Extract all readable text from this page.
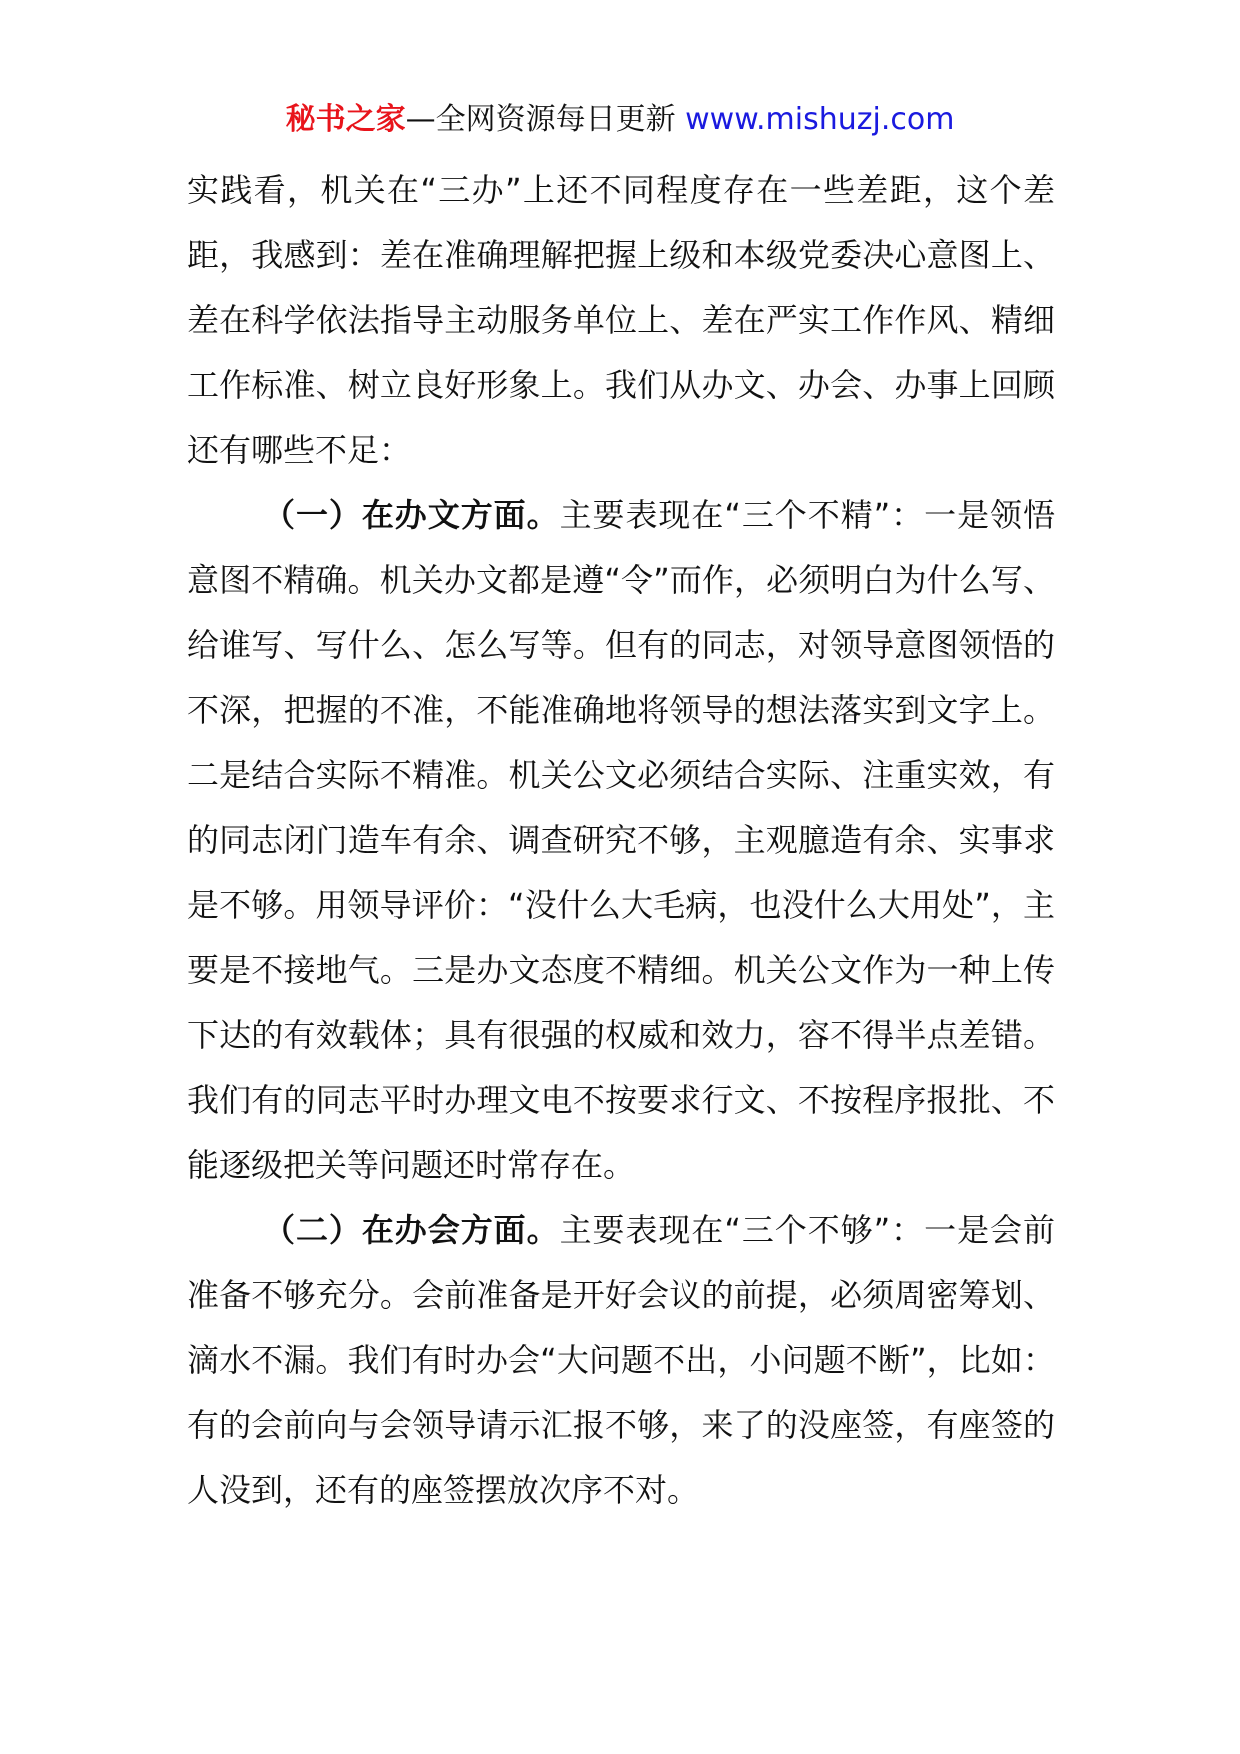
秘书之家—全网资源每日更新 www.mishuzj.com

实践看，机关在“三办”上还不同程度存在一些差距，这个差距，我感到：差在准确理解把握上级和本级党委决心意图上、差在科学依法指导主动服务单位上、差在严实工作作风、精细工作标准、树立良好形象上。我们从办文、办会、办事上回顾还有哪些不足：

（一）在办文方面。主要表现在“三个不精”：一是领悟意图不精确。机关办文都是遵“令”而作，必须明白为什么写、给谁写、写什么、怎么写等。但有的同志，对领导意图领悟的不深，把握的不准，不能准确地将领导的想法落实到文字上。二是结合实际不精准。机关公文必须结合实际、注重实效，有的同志闭门造车有余、调查研究不够，主观臆造有余、实事求是不够。用领导评价：“没什么大毛病，也没什么大用处”，主要是不接地气。三是办文态度不精细。机关公文作为一种上传下达的有效载体；具有很强的权威和效力，容不得半点差错。我们有的同志平时办理文电不按要求行文、不按程序报批、不能逐级把关等问题还时常存在。

（二）在办会方面。主要表现在“三个不够”：一是会前准备不够充分。会前准备是开好会议的前提，必须周密筹划、滴水不漏。我们有时办会“大问题不出，小问题不断”，比如：有的会前向与会领导请示汇报不够，来了的没座签，有座签的人没到，还有的座签摆放次序不对。
